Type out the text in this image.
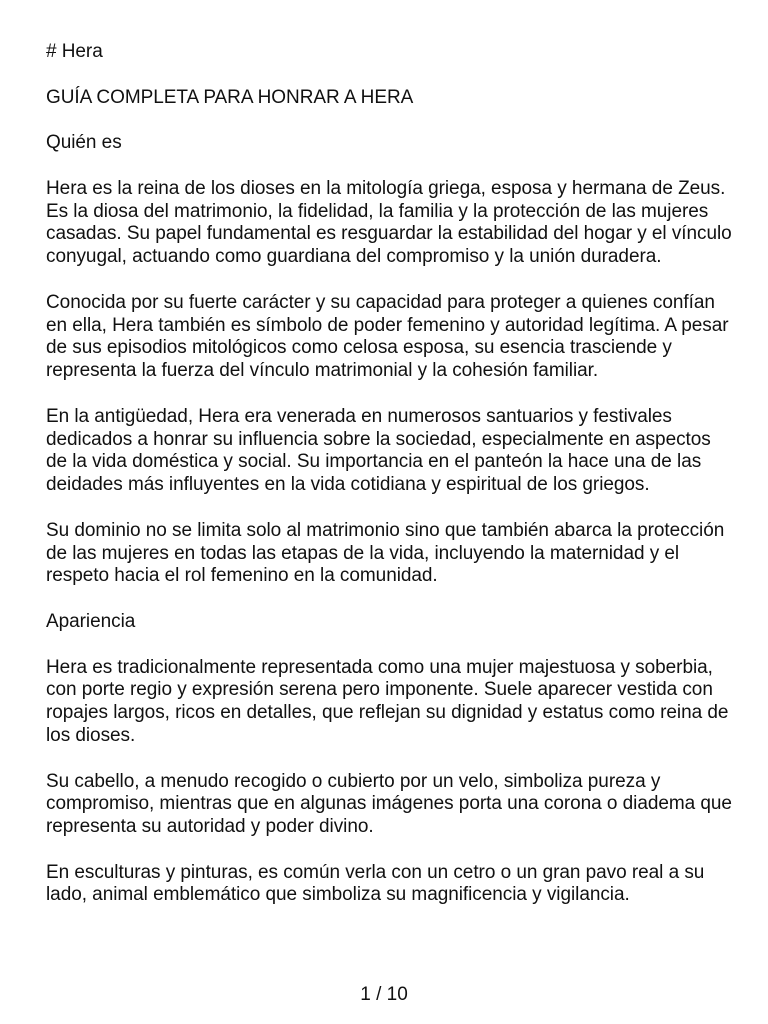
# Hera

GUÍA COMPLETA PARA HONRAR A HERA

Quién es

Hera es la reina de los dioses en la mitología griega, esposa y hermana de Zeus. Es la diosa del matrimonio, la fidelidad, la familia y la protección de las mujeres casadas. Su papel fundamental es resguardar la estabilidad del hogar y el vínculo conyugal, actuando como guardiana del compromiso y la unión duradera.

Conocida por su fuerte carácter y su capacidad para proteger a quienes confían en ella, Hera también es símbolo de poder femenino y autoridad legítima. A pesar de sus episodios mitológicos como celosa esposa, su esencia trasciende y representa la fuerza del vínculo matrimonial y la cohesión familiar.

En la antigüedad, Hera era venerada en numerosos santuarios y festivales dedicados a honrar su influencia sobre la sociedad, especialmente en aspectos de la vida doméstica y social. Su importancia en el panteón la hace una de las deidades más influyentes en la vida cotidiana y espiritual de los griegos.

Su dominio no se limita solo al matrimonio sino que también abarca la protección de las mujeres en todas las etapas de la vida, incluyendo la maternidad y el respeto hacia el rol femenino en la comunidad.

Apariencia

Hera es tradicionalmente representada como una mujer majestuosa y soberbia, con porte regio y expresión serena pero imponente. Suele aparecer vestida con ropajes largos, ricos en detalles, que reflejan su dignidad y estatus como reina de los dioses.

Su cabello, a menudo recogido o cubierto por un velo, simboliza pureza y compromiso, mientras que en algunas imágenes porta una corona o diadema que representa su autoridad y poder divino.

En esculturas y pinturas, es común verla con un cetro o un gran pavo real a su lado, animal emblemático que simboliza su magnificencia y vigilancia.

1 / 10
